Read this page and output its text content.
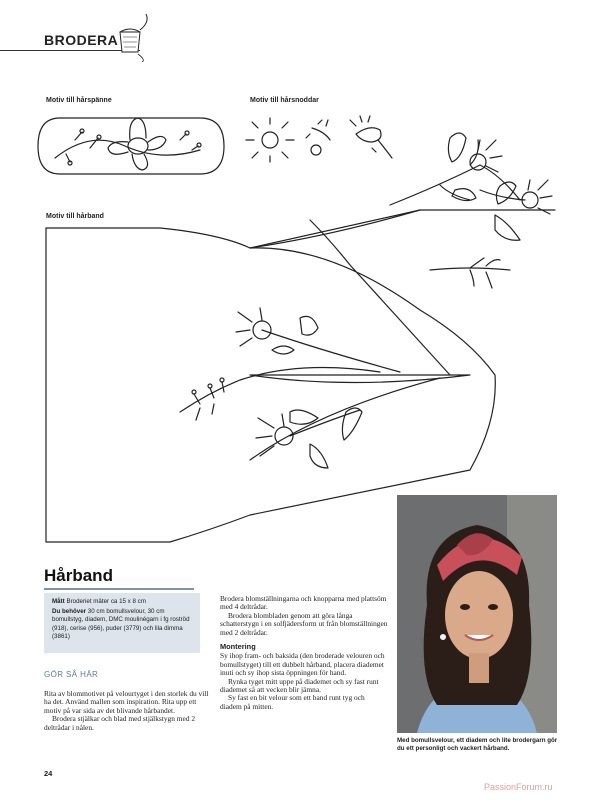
BRODERA
Motiv till hårspänne	Motiv till hårsnoddar
Motiv till hårband
Hårband
Mått Broderiet mäter ca 15 x 8 cm
Du behöver 30 cm bomullsvelour, 30 cm bomullstyg, diadem, DMC moulinégarn i fg roströd (918), cerise (956), puder (3779) och lila dimma (3861)
GÖR SÅ HÄR

Rita av blommotivet på velourtyget i den storlek du vill ha det. Använd mallen som inspiration. Rita upp ett motiv på var sida av det blivande hårbandet.

Brodera stjälkar och blad med stjälkstygn med 2 deltrådar i nålen.

Brodera blomställningarna och knopparna med plattsöm med 4 deltrådar.

Brodera blombladen genom att göra långa schatterstygn i en solfjädersform ut från blomställningen med 2 deltrådar.

Montering

Sy ihop fram- och baksida (den broderade velouren och bomullstyget) till ett dubbelt hårband, placera diademet inuti och sy ihop sista öppningen för hand.

Rynka tyget mitt uppe på diademet och sy fast runt diademet så att vecken blir jämna.

Sy fast en bit velour som ett band runt tyg och diadem på mitten.

Med bomullsvelour, ett diadem och lite brodergarn gör du ett personligt och vackert hårband.
24
PassionForum.ru
